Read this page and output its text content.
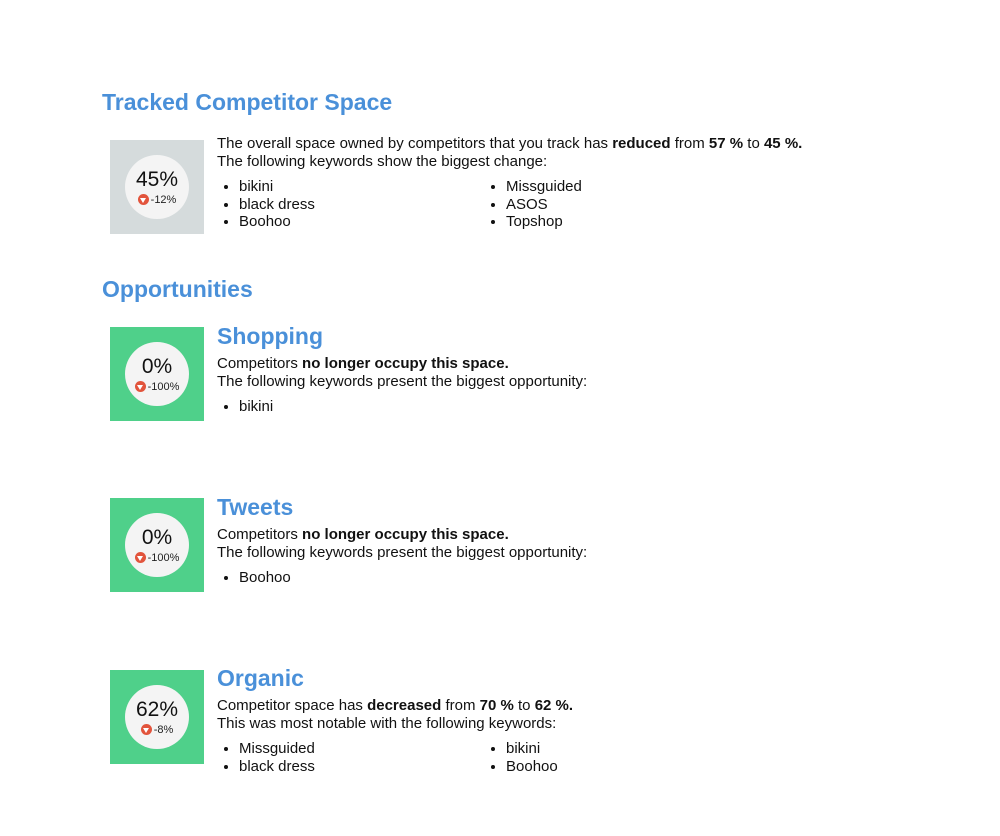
Tracked Competitor Space
45%
-12%
The overall space owned by competitors that you track has reduced from 57 % to 45 %.
The following keywords show the biggest change:
• bikini
• black dress
• Boohoo
• Missguided
• ASOS
• Topshop
Opportunities
0%
-100%
Shopping
Competitors no longer occupy this space.
The following keywords present the biggest opportunity:
• bikini
0%
-100%
Tweets
Competitors no longer occupy this space.
The following keywords present the biggest opportunity:
• Boohoo
62%
-8%
Organic
Competitor space has decreased from 70 % to 62 %.
This was most notable with the following keywords:
• Missguided
• black dress
• bikini
• Boohoo
